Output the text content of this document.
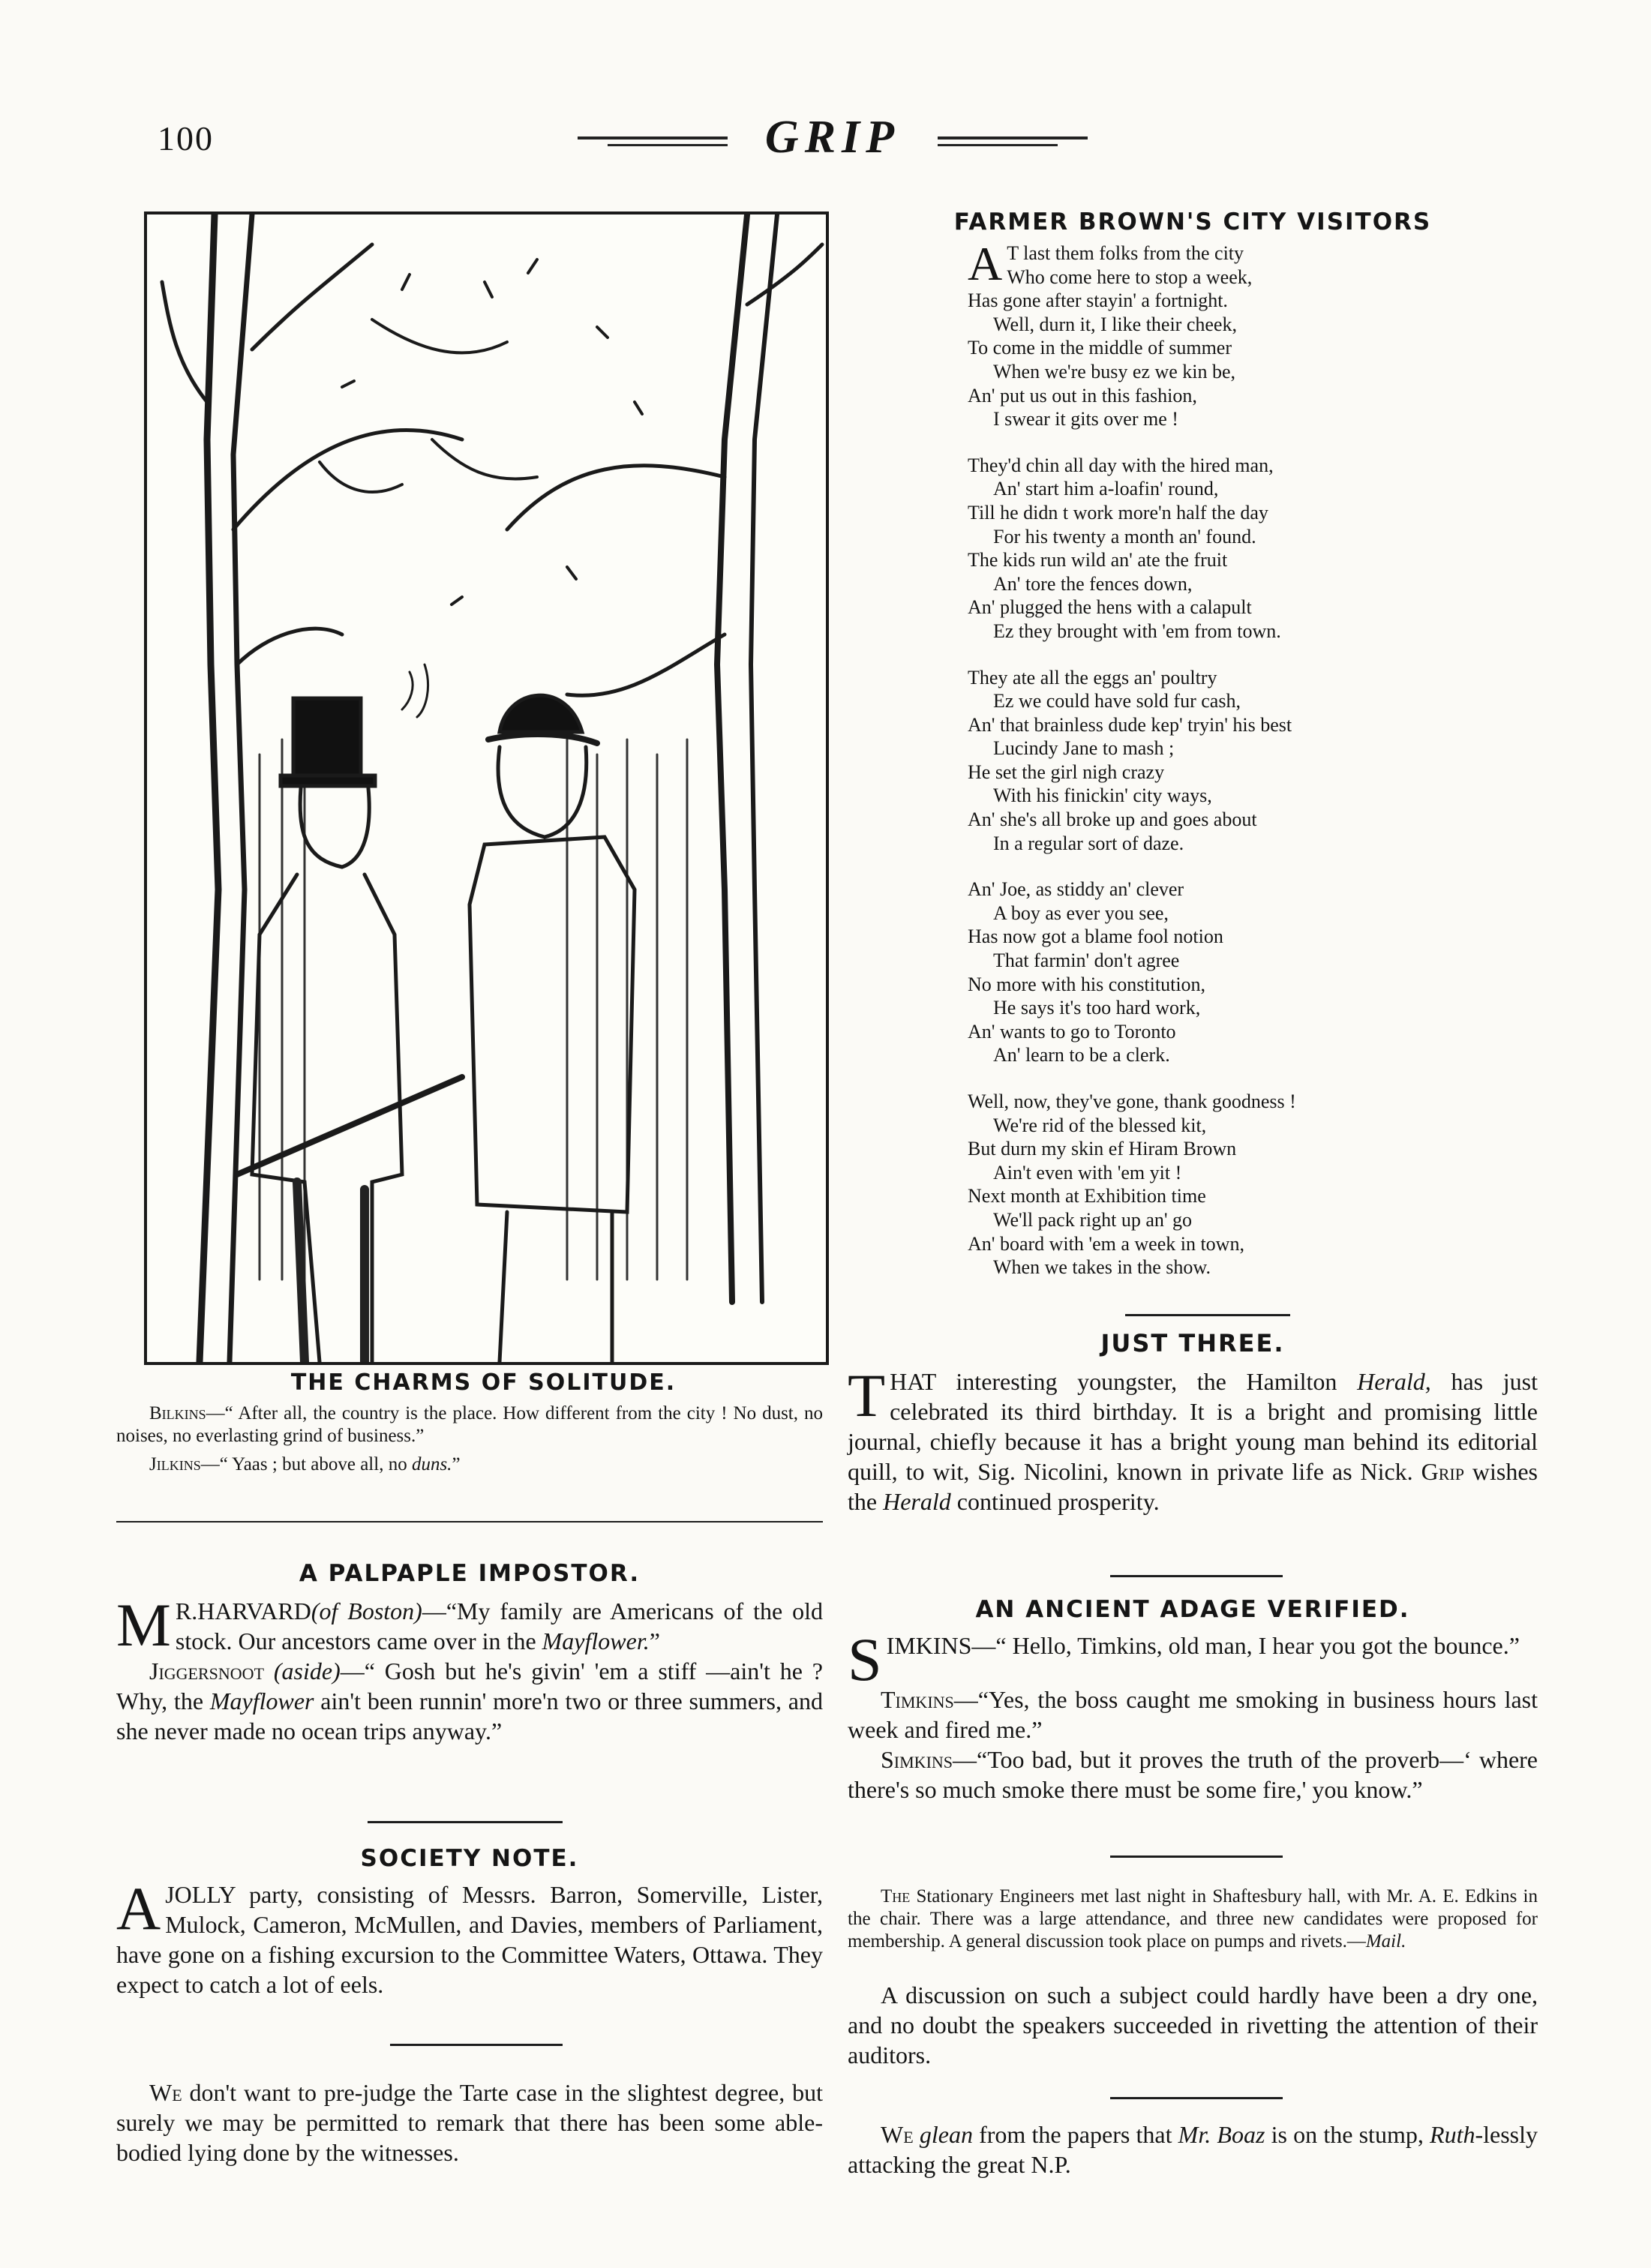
100	GRIP
THE CHARMS OF SOLITUDE.

Bilkins—“ After all, the country is the place. How different from the city ! No dust, no noises, no everlasting grind of business.”

Jilkins—“ Yaas ; but above all, no duns.”

A PALPAPLE IMPOSTOR.

M R.HARVARD(of Boston)—“My family are Americans of the old stock. Our ancestors came over in the Mayflower.”

Jiggersnoot (aside)—“ Gosh but he's givin' 'em a stiff —ain't he ? Why, the Mayflower ain't been runnin' more'n two or three summers, and she never made no ocean trips anyway.”

SOCIETY NOTE.

AJOLLY party, consisting of Messrs. Barron, Somerville, Lister, Mulock, Cameron, McMullen, and Davies, members of Parliament, have gone on a fishing excursion to the Committee Waters, Ottawa. They expect to catch a lot of eels.

We don't want to pre-judge the Tarte case in the slightest degree, but surely we may be permitted to remark that there has been some able-bodied lying done by the witnesses.

FARMER BROWN'S CITY VISITORS

A T last them folks from the city

Who come here to stop a week,

Has gone after stayin' a fortnight.

Well, durn it, I like their cheek,

To come in the middle of summer

When we're busy ez we kin be,

An' put us out in this fashion,

I swear it gits over me !

They'd chin all day with the hired man,

An' start him a-loafin' round,

Till he didn t work more'n half the day

For his twenty a month an' found.

The kids run wild an' ate the fruit

An' tore the fences down,

An' plugged the hens with a calapult

Ez they brought with 'em from town.

They ate all the eggs an' poultry

Ez we could have sold fur cash,

An' that brainless dude kep' tryin' his best

Lucindy Jane to mash ;

He set the girl nigh crazy

With his finickin' city ways,

An' she's all broke up and goes about

In a regular sort of daze.

An' Joe, as stiddy an' clever

A boy as ever you see,

Has now got a blame fool notion

That farmin' don't agree

No more with his constitution,

He says it's too hard work,

An' wants to go to Toronto

An' learn to be a clerk.

Well, now, they've gone, thank goodness !

We're rid of the blessed kit,

But durn my skin ef Hiram Brown

Ain't even with 'em yit !

Next month at Exhibition time

We'll pack right up an' go

An' board with 'em a week in town,

When we takes in the show.

JUST THREE.

THAT interesting youngster, the Hamilton Herald, has just celebrated its third birthday. It is a bright and promising little journal, chiefly because it has a bright young man behind its editorial quill, to wit, Sig. Nicolini, known in private life as Nick. Grip wishes the Herald continued prosperity.

AN ANCIENT ADAGE VERIFIED.

SIMKINS—“ Hello, Timkins, old man, I hear you got the bounce.”

Timkins—“Yes, the boss caught me smoking in business hours last week and fired me.”

Simkins—“Too bad, but it proves the truth of the proverb—‘ where there's so much smoke there must be some fire,' you know.”

The Stationary Engineers met last night in Shaftesbury hall, with Mr. A. E. Edkins in the chair. There was a large attendance, and three new candidates were proposed for membership. A general discussion took place on pumps and rivets.—Mail.

A discussion on such a subject could hardly have been a dry one, and no doubt the speakers succeeded in rivetting the attention of their auditors.

We glean from the papers that Mr. Boaz is on the stump, Ruth-lessly attacking the great N.P.
